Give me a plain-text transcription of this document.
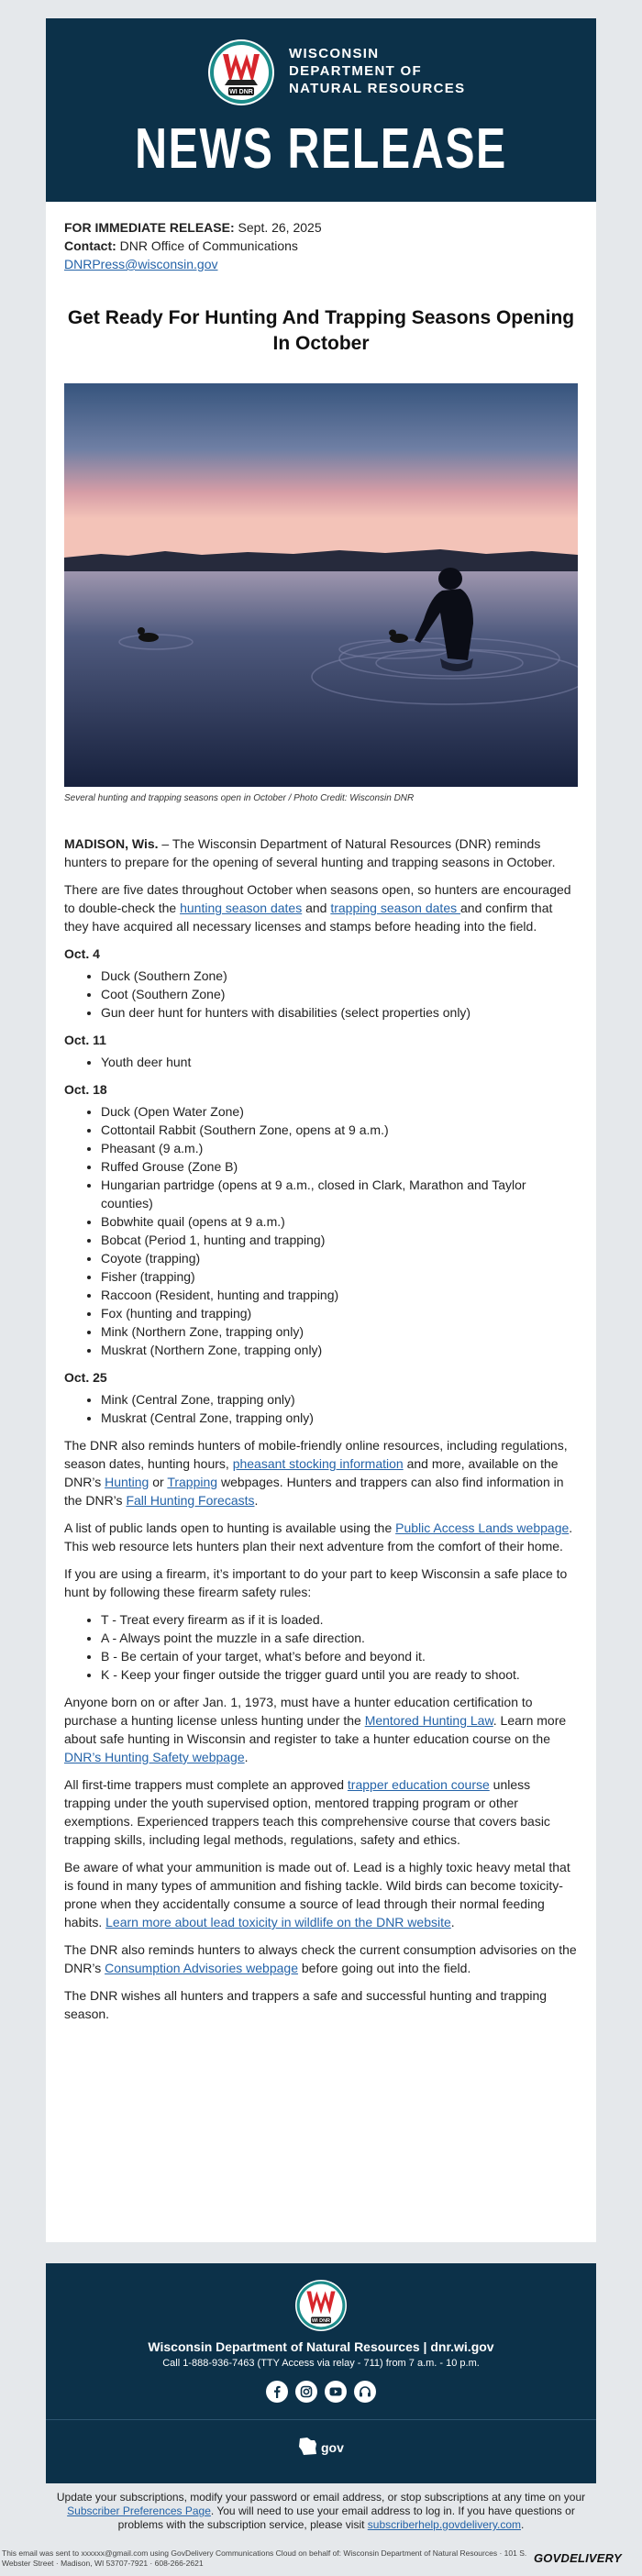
WI DNR
WISCONSIN
DEPARTMENT OF
NATURAL RESOURCES
NEWS RELEASE
FOR IMMEDIATE RELEASE: Sept. 26, 2025
Contact: DNR Office of Communications
DNRPress@wisconsin.gov
Get Ready For Hunting And Trapping Seasons Opening In October
Several hunting and trapping seasons open in October / Photo Credit: Wisconsin DNR

MADISON, Wis. – The Wisconsin Department of Natural Resources (DNR) reminds hunters to prepare for the opening of several hunting and trapping seasons in October.

There are five dates throughout October when seasons open, so hunters are encouraged to double-check the hunting season dates and trapping season dates and confirm that they have acquired all necessary licenses and stamps before heading into the field.

Oct. 4
• Duck (Southern Zone)
• Coot (Southern Zone)
• Gun deer hunt for hunters with disabilities (select properties only)
Oct. 11
• Youth deer hunt
Oct. 18
• Duck (Open Water Zone)
• Cottontail Rabbit (Southern Zone, opens at 9 a.m.)
• Pheasant (9 a.m.)
• Ruffed Grouse (Zone B)
• Hungarian partridge (opens at 9 a.m., closed in Clark, Marathon and Taylor counties)
• Bobwhite quail (opens at 9 a.m.)
• Bobcat (Period 1, hunting and trapping)
• Coyote (trapping)
• Fisher (trapping)
• Raccoon (Resident, hunting and trapping)
• Fox (hunting and trapping)
• Mink (Northern Zone, trapping only)
• Muskrat (Northern Zone, trapping only)
Oct. 25
• Mink (Central Zone, trapping only)
• Muskrat (Central Zone, trapping only)

The DNR also reminds hunters of mobile-friendly online resources, including regulations, season dates, hunting hours, pheasant stocking information and more, available on the DNR’s Hunting or Trapping webpages. Hunters and trappers can also find information in the DNR’s Fall Hunting Forecasts.

A list of public lands open to hunting is available using the Public Access Lands webpage. This web resource lets hunters plan their next adventure from the comfort of their home.

If you are using a firearm, it’s important to do your part to keep Wisconsin a safe place to hunt by following these firearm safety rules:

• T - Treat every firearm as if it is loaded.
• A - Always point the muzzle in a safe direction.
• B - Be certain of your target, what’s before and beyond it.
• K - Keep your finger outside the trigger guard until you are ready to shoot.

Anyone born on or after Jan. 1, 1973, must have a hunter education certification to purchase a hunting license unless hunting under the Mentored Hunting Law. Learn more about safe hunting in Wisconsin and register to take a hunter education course on the DNR’s Hunting Safety webpage.

All first-time trappers must complete an approved trapper education course unless trapping under the youth supervised option, mentored trapping program or other exemptions. Experienced trappers teach this comprehensive course that covers basic trapping skills, including legal methods, regulations, safety and ethics.

Be aware of what your ammunition is made out of. Lead is a highly toxic heavy metal that is found in many types of ammunition and fishing tackle. Wild birds can become toxicity-prone when they accidentally consume a source of lead through their normal feeding habits. Learn more about lead toxicity in wildlife on the DNR website.

The DNR also reminds hunters to always check the current consumption advisories on the DNR’s Consumption Advisories webpage before going out into the field.

The DNR wishes all hunters and trappers a safe and successful hunting and trapping season.

WI DNR
Wisconsin Department of Natural Resources | dnr.wi.gov
Call 1-888-936-7463 (TTY Access via relay - 711) from 7 a.m. - 10 p.m.
gov
Update your subscriptions, modify your password or email address, or stop subscriptions at any time on your Subscriber Preferences Page. You will need to use your email address to log in. If you have questions or problems with the subscription service, please visit subscriberhelp.govdelivery.com.
This email was sent to xxxxxx@gmail.com using GovDelivery Communications Cloud on behalf of: Wisconsin Department of Natural Resources · 101 S. Webster Street · Madison, WI 53707-7921 · 608-266-2621	GOVDELIVERY
